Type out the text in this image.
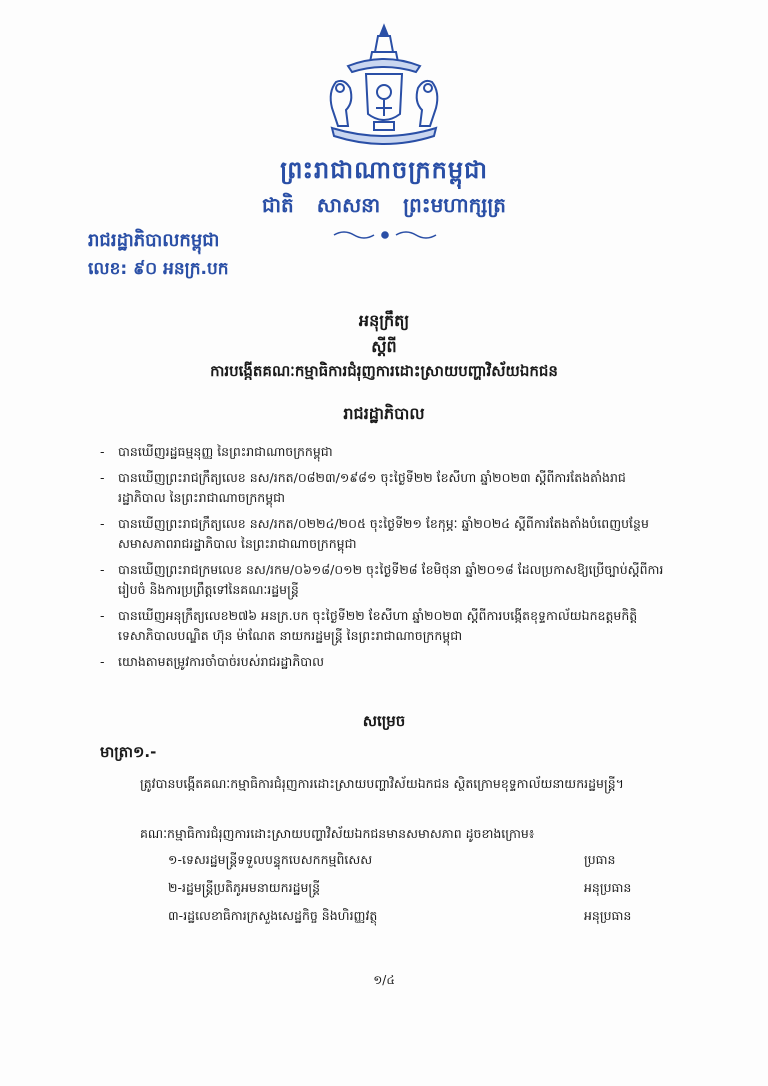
ព្រះរាជាណាចក្រកម្ពុជា
ជាតិ សាសនា ព្រះមហាក្សត្រ
រាជរដ្ឋាភិបាលកម្ពុជា
លេខ: ៩០ អនក្រ.បក
អនុក្រឹត្យ
ស្ដីពី
ការបង្កើតគណៈកម្មាធិការជំរុញការដោះស្រាយបញ្ហាវិស័យឯកជន
រាជរដ្ឋាភិបាល
- បានឃើញរដ្ឋធម្មនុញ្ញ នៃព្រះរាជាណាចក្រកម្ពុជា
- បានឃើញព្រះរាជក្រឹត្យលេខ នស/រកត/០៨២៣/១៩៨១ ចុះថ្ងៃទី២២ ខែសីហា ឆ្នាំ២០២៣ ស្ដីពីការតែងតាំងរាជរដ្ឋាភិបាល នៃព្រះរាជាណាចក្រកម្ពុជា
- បានឃើញព្រះរាជក្រឹត្យលេខ នស/រកត/០២២៤/២០៥ ចុះថ្ងៃទី២១ ខែកុម្ភៈ ឆ្នាំ២០២៤ ស្ដីពីការតែងតាំងបំពេញបន្ថែមសមាសភាពរាជរដ្ឋាភិបាល នៃព្រះរាជាណាចក្រកម្ពុជា
- បានឃើញព្រះរាជក្រមលេខ នស/រកម/០៦១៨/០១២ ចុះថ្ងៃទី២៨ ខែមិថុនា ឆ្នាំ២០១៨ ដែលប្រកាសឱ្យប្រើច្បាប់ស្ដីពីការរៀបចំ និងការប្រព្រឹត្តទៅនៃគណៈរដ្ឋមន្ត្រី
- បានឃើញអនុក្រឹត្យលេខ២៧៦ អនក្រ.បក ចុះថ្ងៃទី២២ ខែសីហា ឆ្នាំ២០២៣ ស្ដីពីការបង្កើតខុទ្ទកាល័យឯកឧត្តមកិត្តិទេសាភិបាលបណ្ឌិត ហ៊ុន ម៉ាណែត នាយករដ្ឋមន្ត្រី នៃព្រះរាជាណាចក្រកម្ពុជា
- យោងតាមតម្រូវការចាំបាច់របស់រាជរដ្ឋាភិបាល
សម្រេច
មាត្រា១.-
ត្រូវបានបង្កើតគណៈកម្មាធិការជំរុញការដោះស្រាយបញ្ហាវិស័យឯកជន ស្ថិតក្រោមខុទ្ទកាល័យនាយករដ្ឋមន្ត្រី។
គណៈកម្មាធិការជំរុញការដោះស្រាយបញ្ហាវិស័យឯកជនមានសមាសភាព ដូចខាងក្រោម៖
១-ទេសរដ្ឋមន្ត្រីទទួលបន្ទុកបេសកកម្មពិសេស	ប្រធាន
២-រដ្ឋមន្ត្រីប្រតិភូអមនាយករដ្ឋមន្ត្រី	អនុប្រធាន
៣-រដ្ឋលេខាធិការក្រសួងសេដ្ឋកិច្ច និងហិរញ្ញវត្ថុ	អនុប្រធាន
១/៤
